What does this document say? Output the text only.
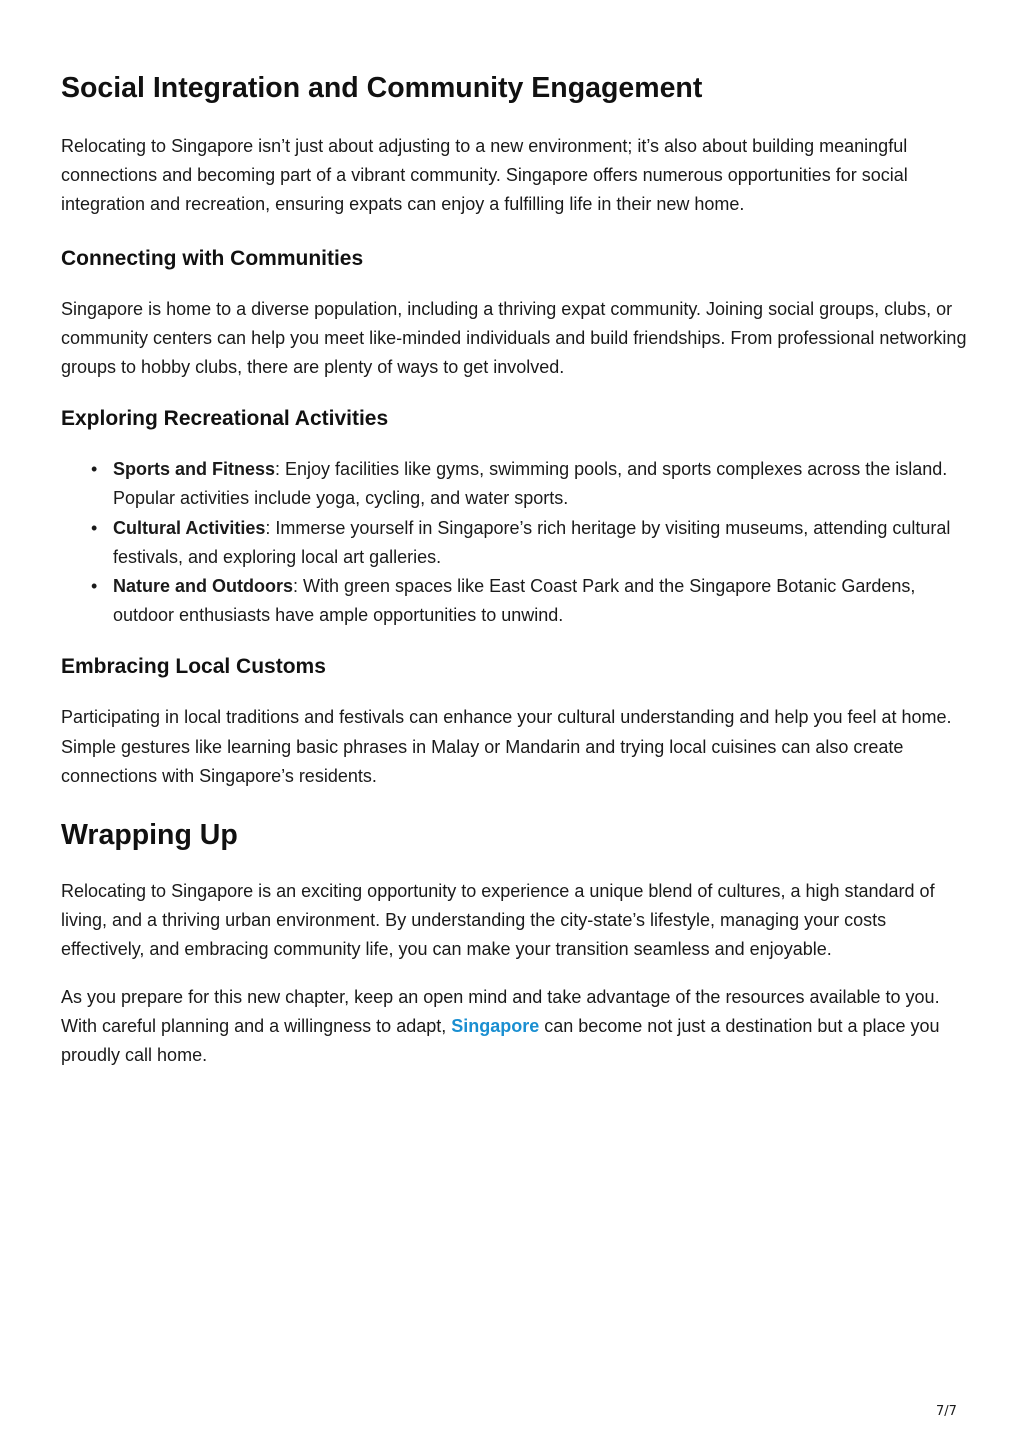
Social Integration and Community Engagement

Relocating to Singapore isn’t just about adjusting to a new environment; it’s also about building meaningful connections and becoming part of a vibrant community. Singapore offers numerous opportunities for social integration and recreation, ensuring expats can enjoy a fulfilling life in their new home.

Connecting with Communities

Singapore is home to a diverse population, including a thriving expat community. Joining social groups, clubs, or community centers can help you meet like-minded individuals and build friendships. From professional networking groups to hobby clubs, there are plenty of ways to get involved.

Exploring Recreational Activities
• Sports and Fitness: Enjoy facilities like gyms, swimming pools, and sports complexes across the island. Popular activities include yoga, cycling, and water sports.
• Cultural Activities: Immerse yourself in Singapore’s rich heritage by visiting museums, attending cultural festivals, and exploring local art galleries.
• Nature and Outdoors: With green spaces like East Coast Park and the Singapore Botanic Gardens, outdoor enthusiasts have ample opportunities to unwind.
Embracing Local Customs

Participating in local traditions and festivals can enhance your cultural understanding and help you feel at home. Simple gestures like learning basic phrases in Malay or Mandarin and trying local cuisines can also create connections with Singapore’s residents.

Wrapping Up

Relocating to Singapore is an exciting opportunity to experience a unique blend of cultures, a high standard of living, and a thriving urban environment. By understanding the city-state’s lifestyle, managing your costs effectively, and embracing community life, you can make your transition seamless and enjoyable.

As you prepare for this new chapter, keep an open mind and take advantage of the resources available to you. With careful planning and a willingness to adapt, Singapore can become not just a destination but a place you proudly call home.

7/7
